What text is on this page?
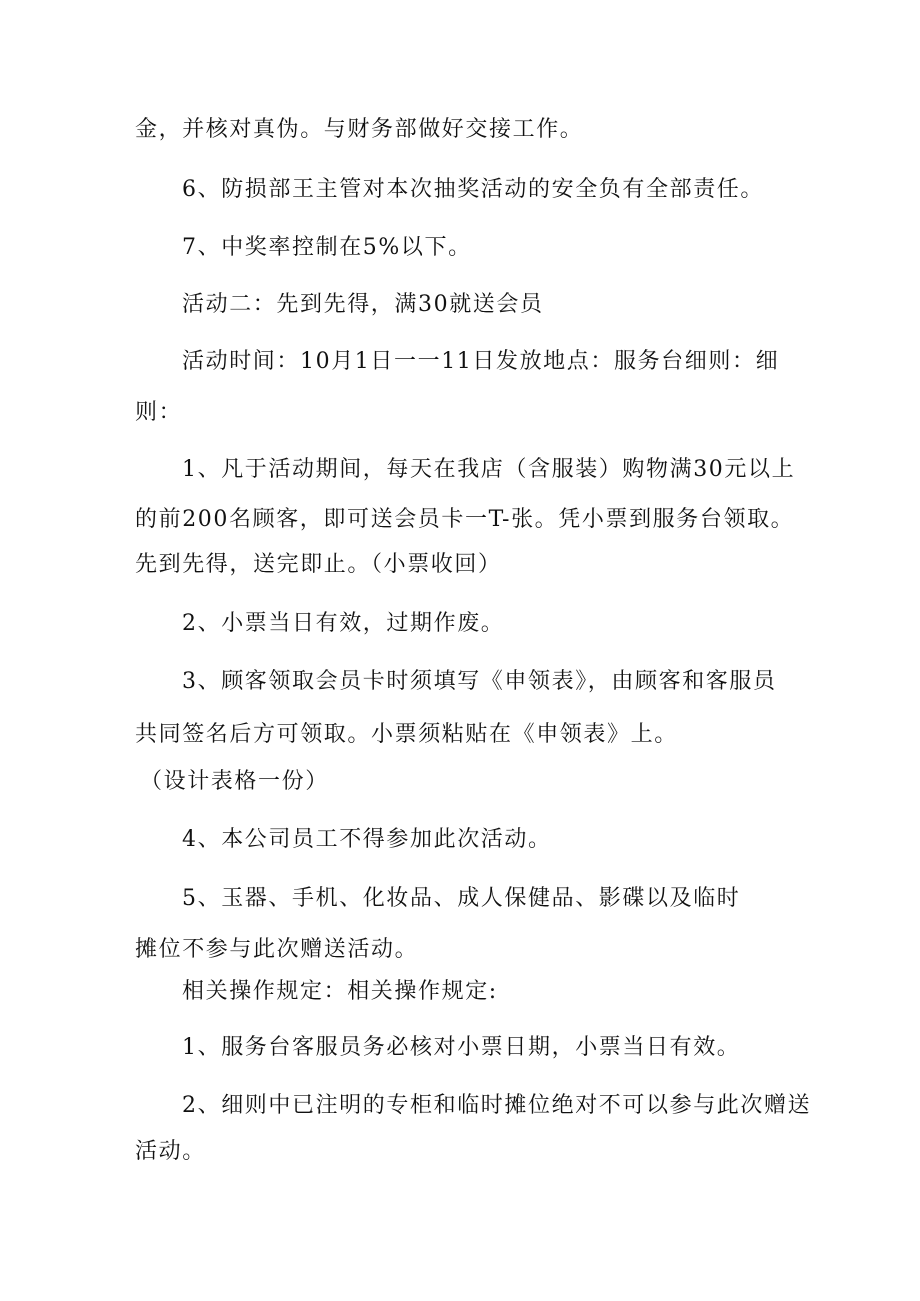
金，并核对真伪。与财务部做好交接工作。
6、防损部王主管对本次抽奖活动的安全负有全部责任。
7、中奖率控制在5%以下。
活动二：先到先得，满30就送会员
活动时间：10月1日一一11日发放地点：服务台细则：细
则：
1、凡于活动期间，每天在我店（含服装）购物满30元以上
的前200名顾客，即可送会员卡一T-张。凭小票到服务台领取。
先到先得，送完即止。（小票收回）
2、小票当日有效，过期作废。
3、顾客领取会员卡时须填写《申领表》，由顾客和客服员
共同签名后方可领取。小票须粘贴在《申领表》上。
（设计表格一份）
4、本公司员工不得参加此次活动。
5、玉器、手机、化妆品、成人保健品、影碟以及临时
摊位不参与此次赠送活动。
相关操作规定：相关操作规定:
1、服务台客服员务必核对小票日期，小票当日有效。
2、细则中已注明的专柜和临时摊位绝对不可以参与此次赠送
活动。
